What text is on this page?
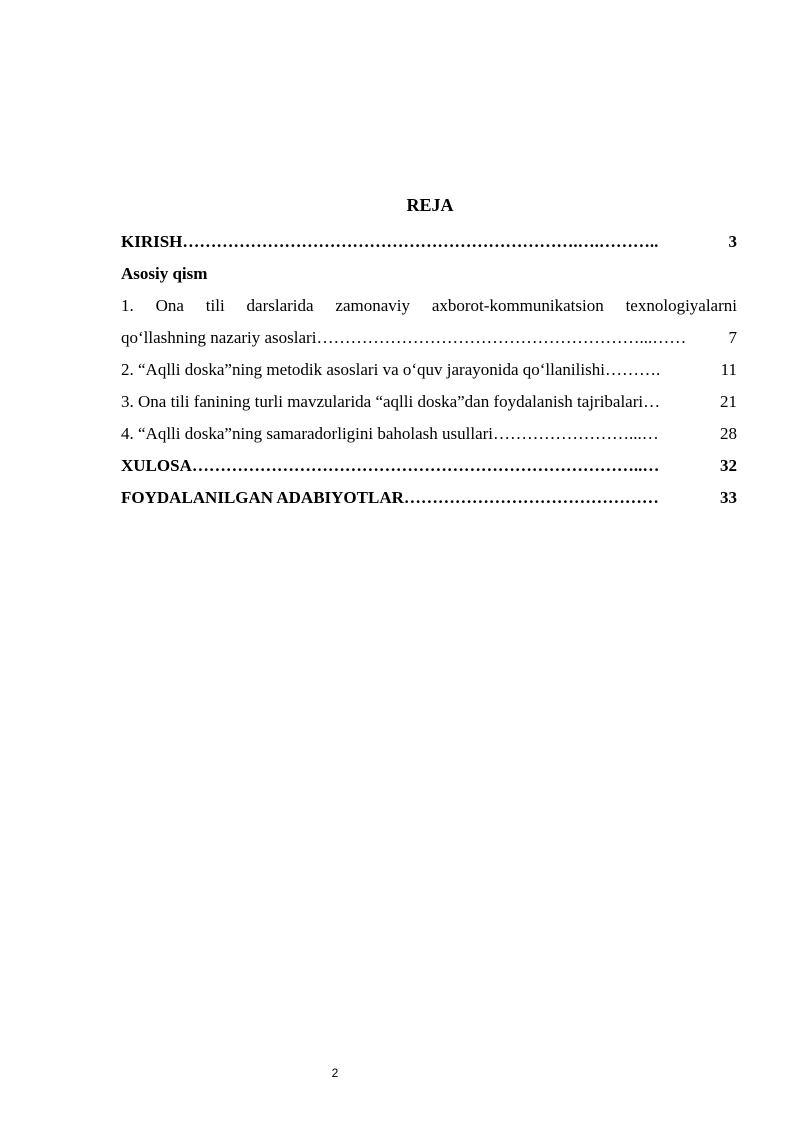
REJA
KIRISH …………………………………………………………….….………..	3
Asosiy qism
1. Ona tili darslarida zamonaviy axborot-kommunikatsion texnologiyalarni
qo‘llashning nazariy asoslari …………………………………………………...……	7
2. “Aqlli doska”ning metodik asoslari va o‘quv jarayonida qo‘llanilishi ……….	11
3. Ona tili fanining turli mavzularida “aqlli doska”dan foydalanish tajribalari …	21
4. “Aqlli doska”ning samaradorligini baholash usullari ……………………...…	28
XULOSA ……………………………………………………………………..…	32
FOYDALANILGAN ADABIYOTLAR ………………………………………	33
2
